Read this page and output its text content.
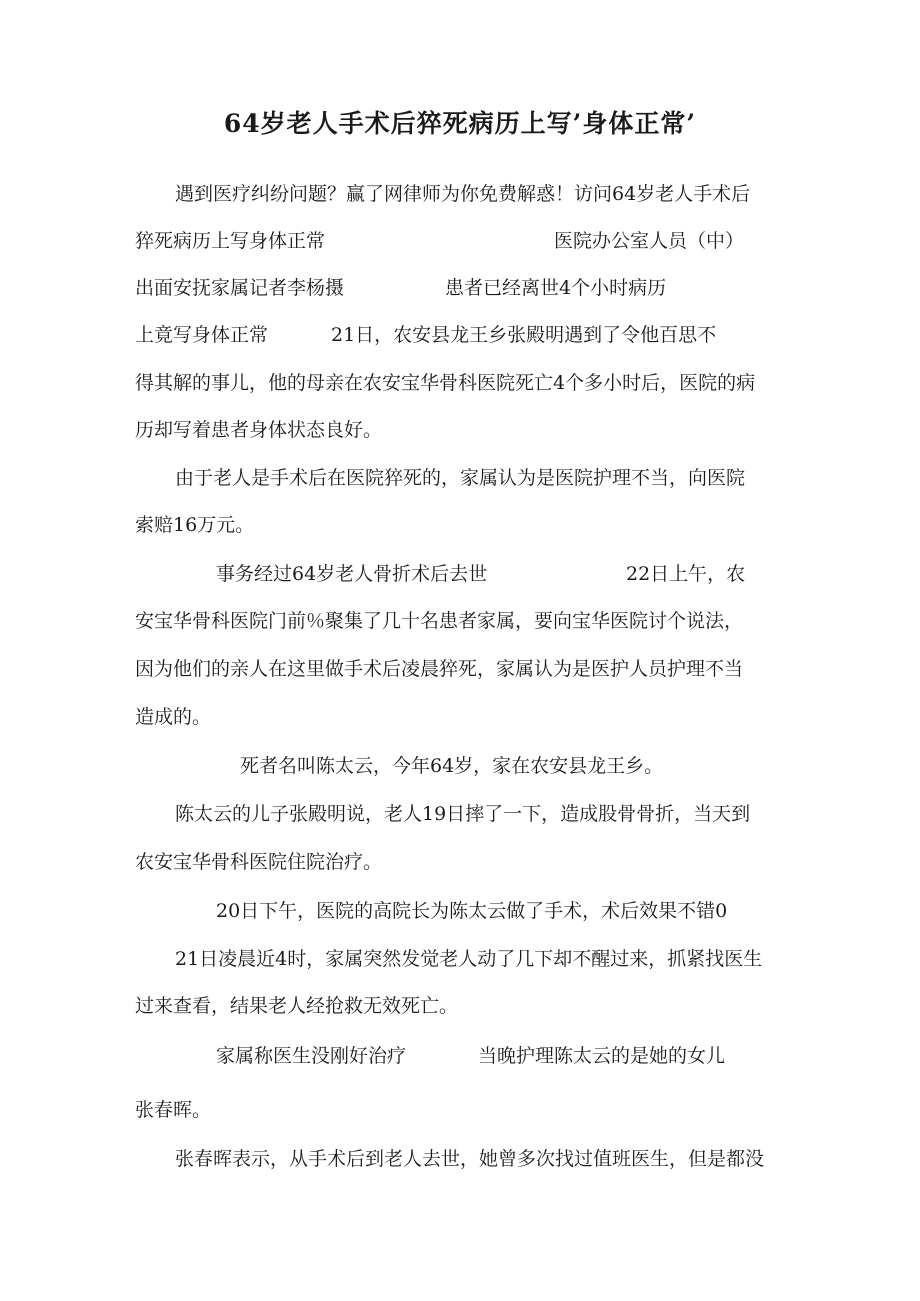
64岁老人手术后猝死病历上写’身体正常’
遇到医疗纠纷问题？赢了网律师为你免费解惑！访问64岁老人手术后
猝死病历上写身体正常	医院办公室人员（中）
出面安抚家属记者李杨摄	患者已经离世4个小时病历
上竟写身体正常	21日，农安县龙王乡张殿明遇到了令他百思不
得其解的事儿，他的母亲在农安宝华骨科医院死亡4个多小时后，医院的病
历却写着患者身体状态良好。
由于老人是手术后在医院猝死的，家属认为是医院护理不当，向医院
索赔16万元。
事务经过64岁老人骨折术后去世	22日上午，农
安宝华骨科医院门前％聚集了几十名患者家属，要向宝华医院讨个说法，
因为他们的亲人在这里做手术后凌晨猝死，家属认为是医护人员护理不当
造成的。
死者名叫陈太云，今年64岁，家在农安县龙王乡。
陈太云的儿子张殿明说，老人19日摔了一下，造成股骨骨折，当天到
农安宝华骨科医院住院治疗。
20日下午，医院的高院长为陈太云做了手术，术后效果不错0
21日凌晨近4时，家属突然发觉老人动了几下却不醒过来，抓紧找医生
过来查看，结果老人经抢救无效死亡。
家属称医生没刚好治疗	当晚护理陈太云的是她的女儿
张春晖。
张春晖表示，从手术后到老人去世，她曾多次找过值班医生，但是都没
